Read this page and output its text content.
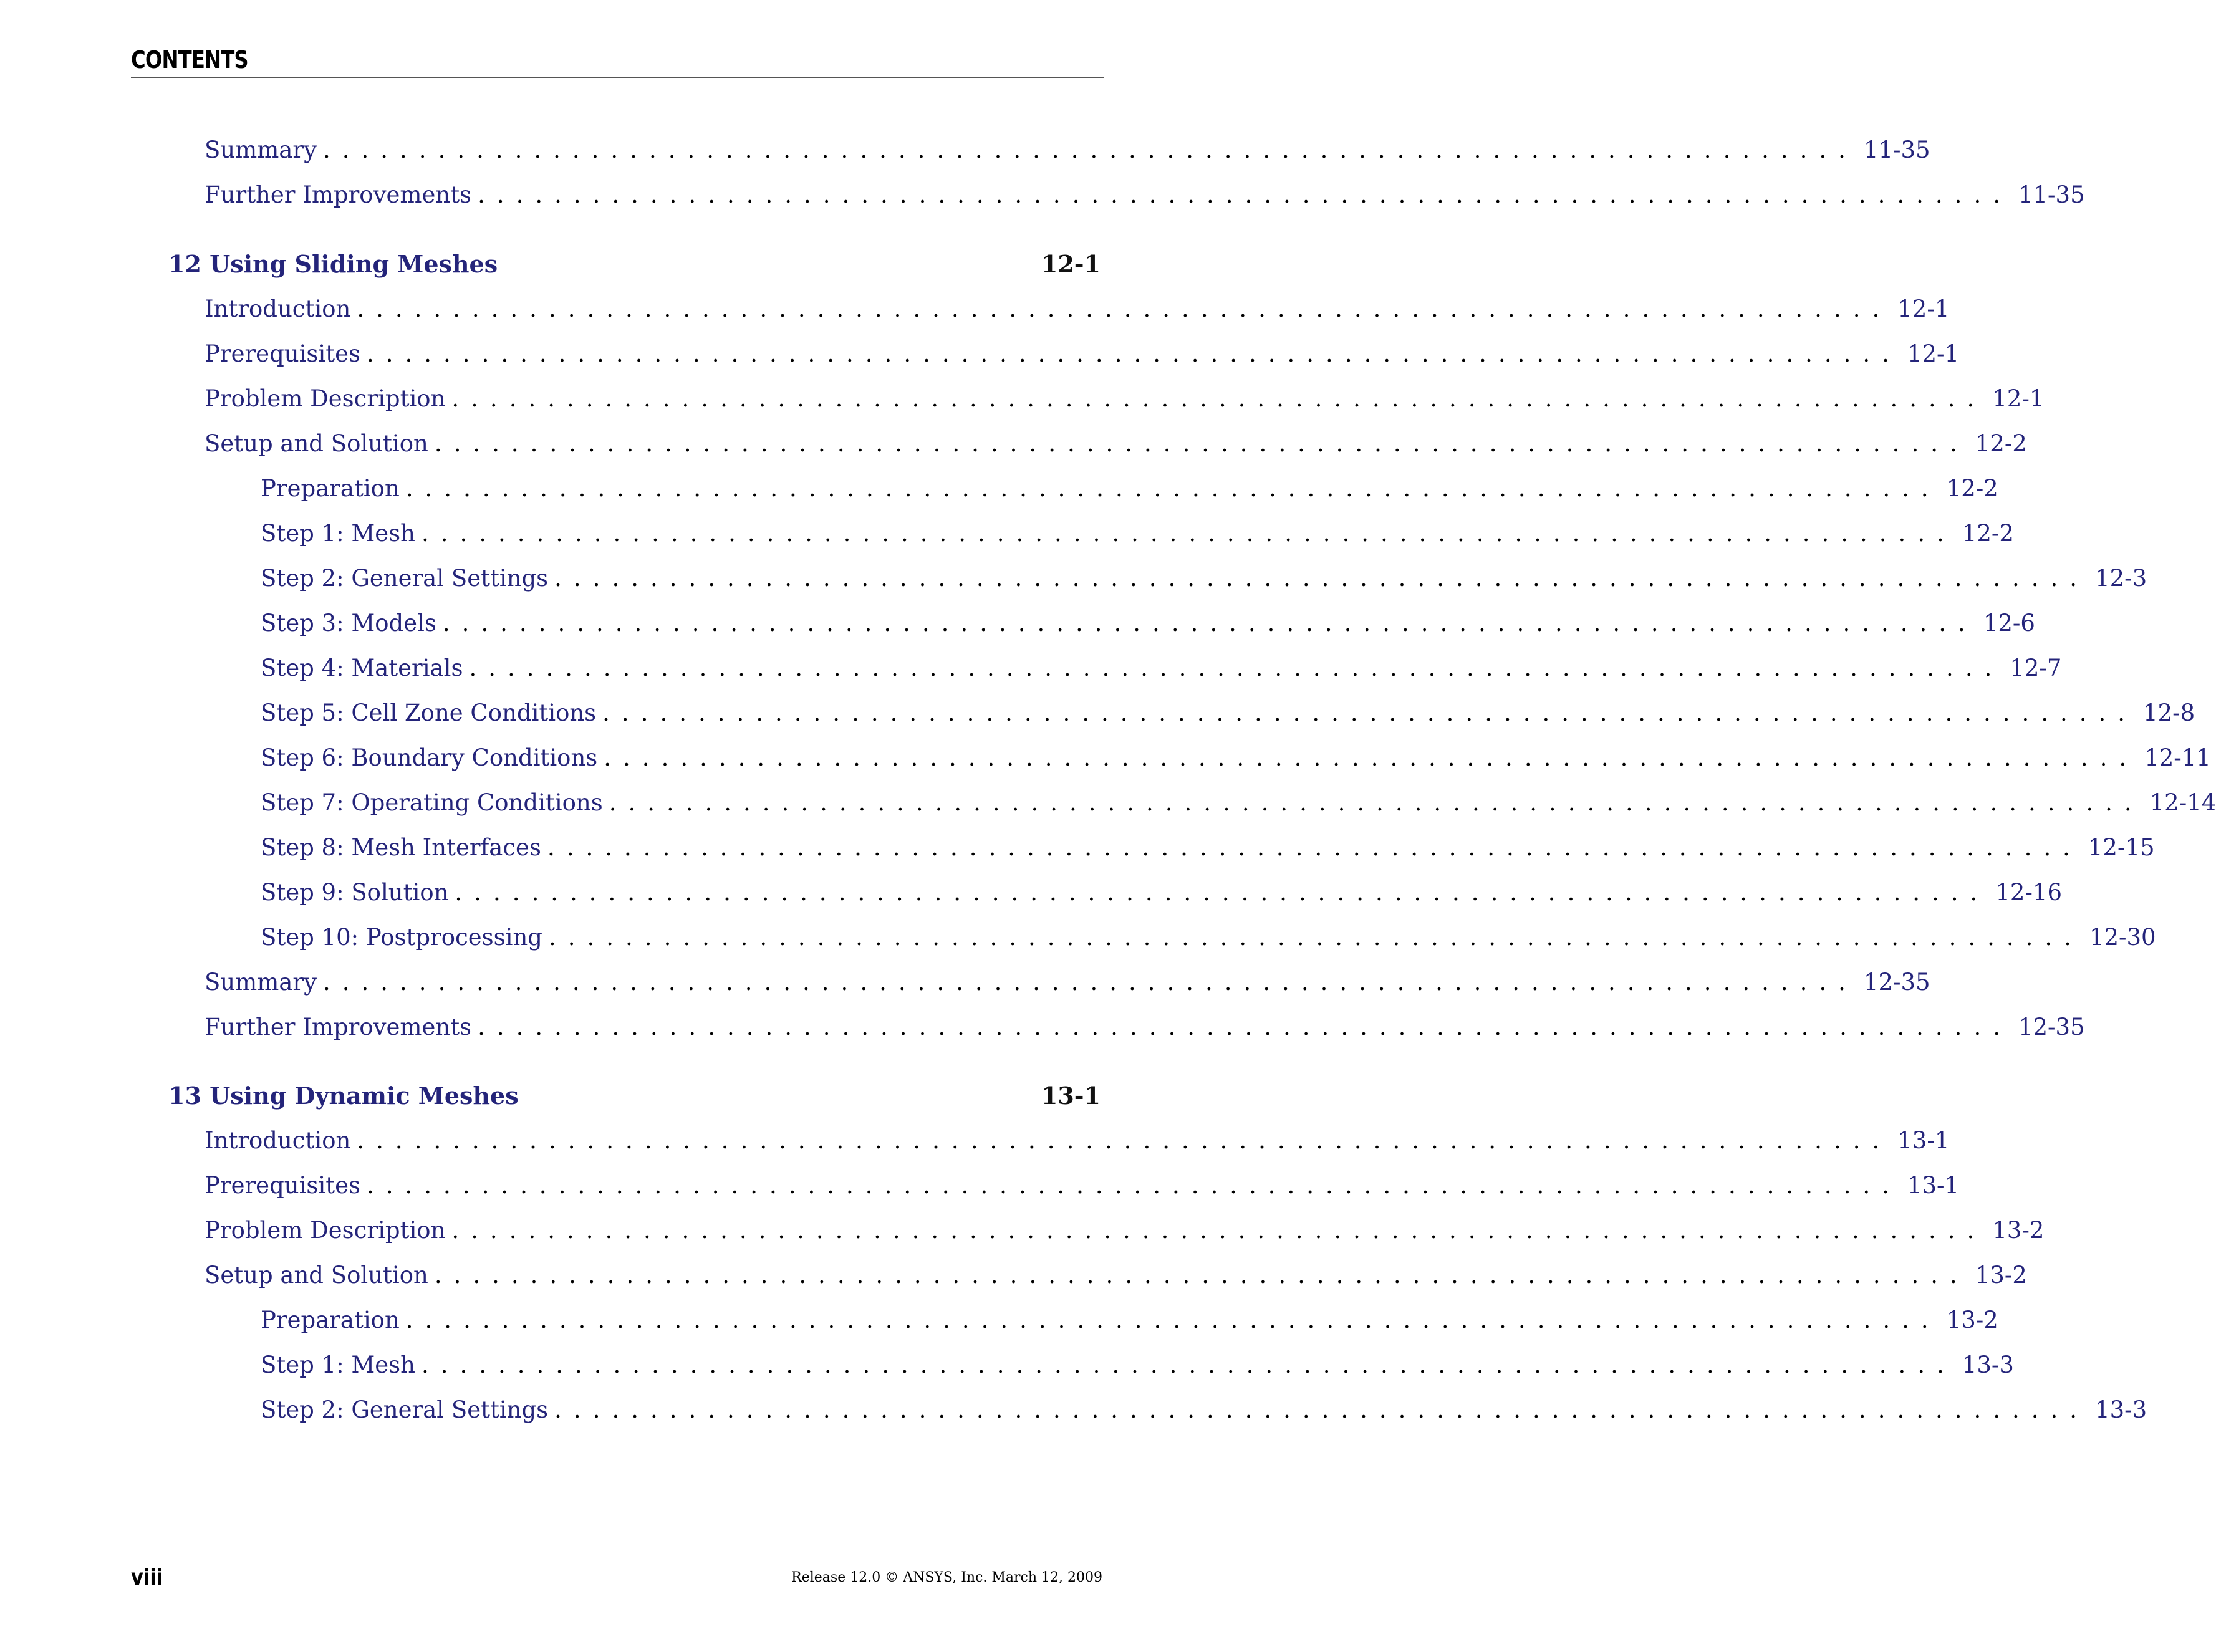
CONTENTS
Summary ................................................................................ 11-35
Further Improvements ................................................................................ 11-35
12 Using Sliding Meshes	12-1
Introduction ................................................................................ 12-1
Prerequisites ................................................................................ 12-1
Problem Description ................................................................................ 12-1
Setup and Solution ................................................................................ 12-2
Preparation ................................................................................ 12-2
Step 1: Mesh ................................................................................ 12-2
Step 2: General Settings ................................................................................ 12-3
Step 3: Models ................................................................................ 12-6
Step 4: Materials ................................................................................ 12-7
Step 5: Cell Zone Conditions ................................................................................ 12-8
Step 6: Boundary Conditions ................................................................................ 12-11
Step 7: Operating Conditions ................................................................................ 12-14
Step 8: Mesh Interfaces ................................................................................ 12-15
Step 9: Solution ................................................................................ 12-16
Step 10: Postprocessing ................................................................................ 12-30
Summary ................................................................................ 12-35
Further Improvements ................................................................................ 12-35
13 Using Dynamic Meshes	13-1
Introduction ................................................................................ 13-1
Prerequisites ................................................................................ 13-1
Problem Description ................................................................................ 13-2
Setup and Solution ................................................................................ 13-2
Preparation ................................................................................ 13-2
Step 1: Mesh ................................................................................ 13-3
Step 2: General Settings ................................................................................ 13-3
viii	Release 12.0 © ANSYS, Inc. March 12, 2009
